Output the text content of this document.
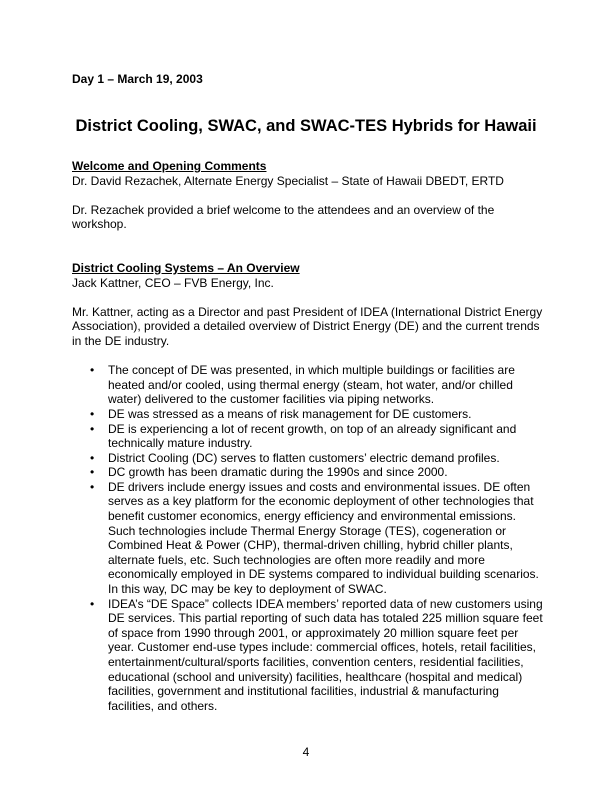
Day 1 – March 19, 2003

District Cooling, SWAC, and SWAC-TES Hybrids for Hawaii

Welcome and Opening Comments

Dr. David Rezachek, Alternate Energy Specialist – State of Hawaii DBEDT, ERTD

Dr. Rezachek provided a brief welcome to the attendees and an overview of the workshop.

District Cooling Systems – An Overview

Jack Kattner, CEO – FVB Energy, Inc.

Mr. Kattner, acting as a Director and past President of IDEA (International District Energy Association), provided a detailed overview of District Energy (DE) and the current trends in the DE industry.

• The concept of DE was presented, in which multiple buildings or facilities are heated and/or cooled, using thermal energy (steam, hot water, and/or chilled water) delivered to the customer facilities via piping networks.
• DE was stressed as a means of risk management for DE customers.
• DE is experiencing a lot of recent growth, on top of an already significant and technically mature industry.
• District Cooling (DC) serves to flatten customers’ electric demand profiles.
• DC growth has been dramatic during the 1990s and since 2000.
• DE drivers include energy issues and costs and environmental issues. DE often serves as a key platform for the economic deployment of other technologies that benefit customer economics, energy efficiency and environmental emissions. Such technologies include Thermal Energy Storage (TES), cogeneration or Combined Heat & Power (CHP), thermal-driven chilling, hybrid chiller plants, alternate fuels, etc. Such technologies are often more readily and more economically employed in DE systems compared to individual building scenarios. In this way, DC may be key to deployment of SWAC.
• IDEA’s “DE Space” collects IDEA members’ reported data of new customers using DE services. This partial reporting of such data has totaled 225 million square feet of space from 1990 through 2001, or approximately 20 million square feet per year. Customer end-use types include: commercial offices, hotels, retail facilities, entertainment/cultural/sports facilities, convention centers, residential facilities, educational (school and university) facilities, healthcare (hospital and medical) facilities, government and institutional facilities, industrial & manufacturing facilities, and others.

4
